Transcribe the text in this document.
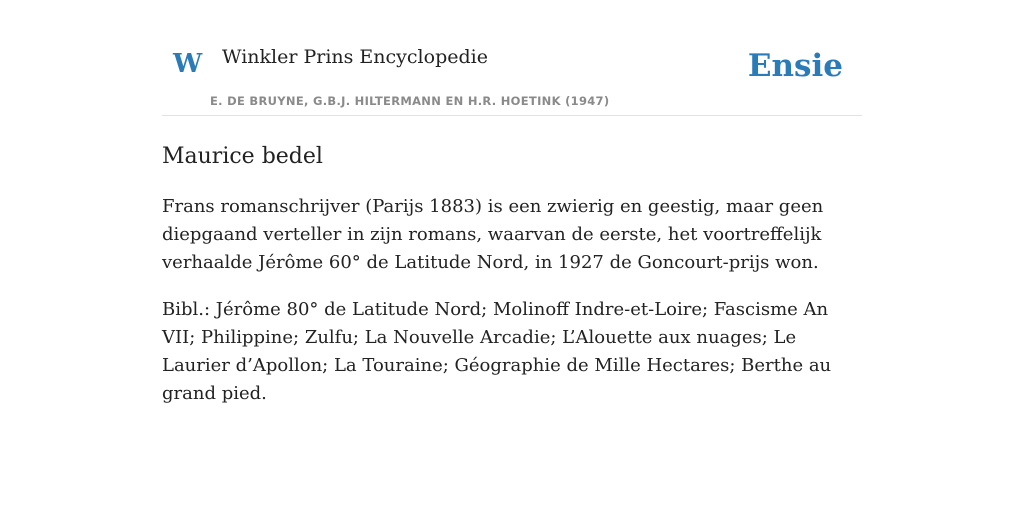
W Winkler Prins Encyclopedie
E. DE BRUYNE, G.B.J. HILTERMANN EN H.R. HOETINK (1947)
Ensie
Maurice bedel

Frans romanschrijver (Parijs 1883) is een zwierig en geestig, maar geen diepgaand verteller in zijn romans, waarvan de eerste, het voortreffelijk verhaalde Jérôme 60° de Latitude Nord, in 1927 de Goncourt-prijs won.

Bibl.: Jérôme 80° de Latitude Nord; Molinoff Indre-et-Loire; Fascisme An VII; Philippine; Zulfu; La Nouvelle Arcadie; L’Alouette aux nuages; Le Laurier d’Apollon; La Touraine; Géographie de Mille Hectares; Berthe au grand pied.
